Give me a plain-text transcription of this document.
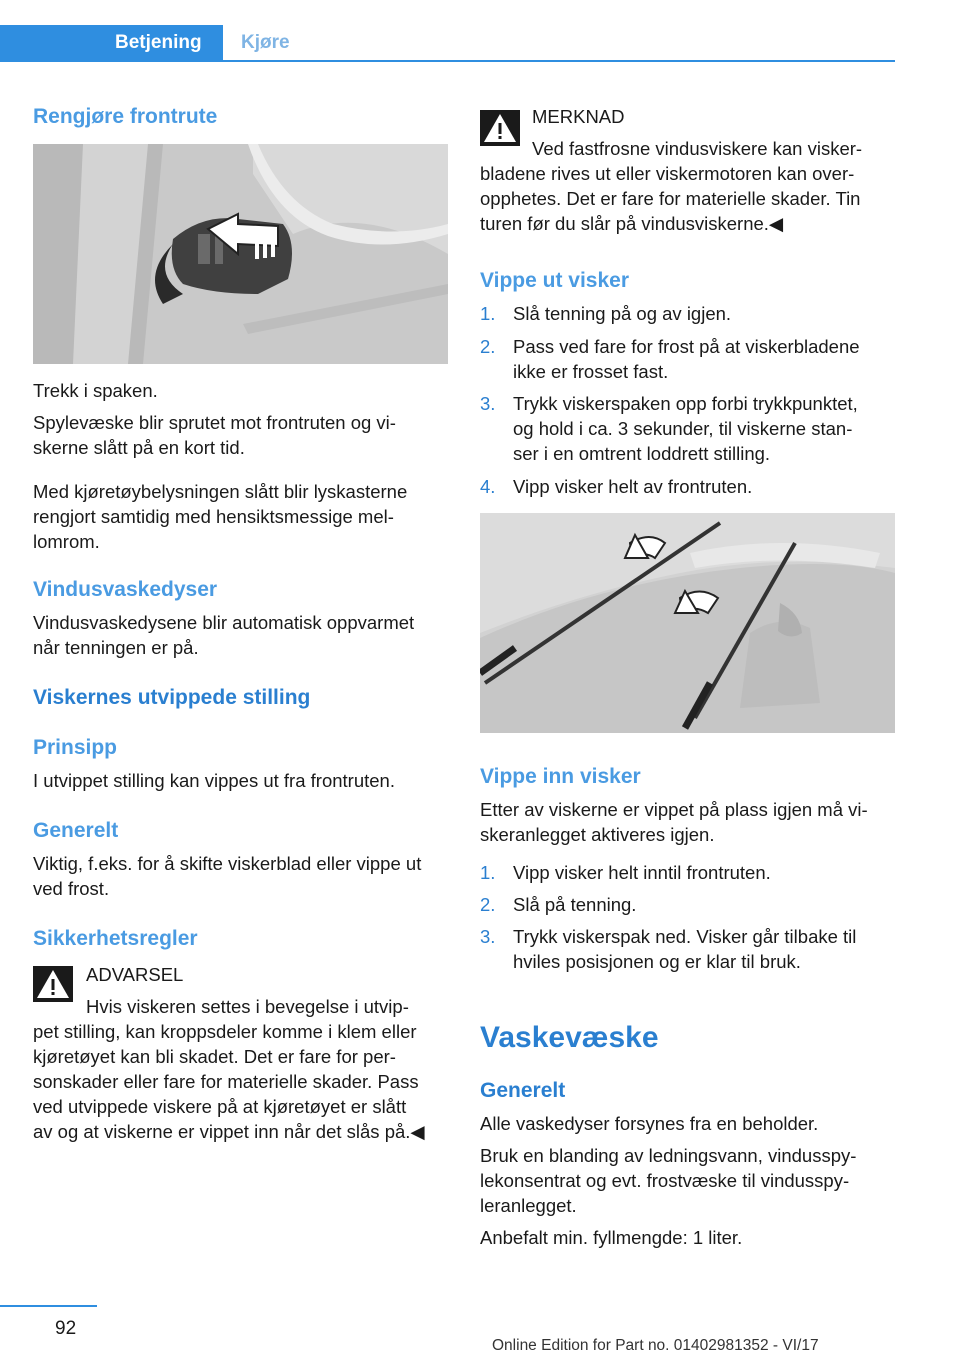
Betjening	Kjøre
Rengjøre frontrute
Trekk i spaken.
Spylevæske blir sprutet mot frontruten og vi‐
skerne slått på en kort tid.
Med kjøretøybelysningen slått blir lyskasterne
rengjort samtidig med hensiktsmessige mel‐
lomrom.
Vindusvaskedyser
Vindusvaskedysene blir automatisk oppvarmet
når tenningen er på.
Viskernes utvippede stilling
Prinsipp
I utvippet stilling kan vippes ut fra frontruten.
Generelt
Viktig, f.eks. for å skifte viskerblad eller vippe ut
ved frost.
Sikkerhetsregler
ADVARSEL
Hvis viskeren settes i bevegelse i utvip‐
pet stilling, kan kroppsdeler komme i klem eller
kjøretøyet kan bli skadet. Det er fare for per‐
sonskader eller fare for materielle skader. Pass
ved utvippede viskere på at kjøretøyet er slått
av og at viskerne er vippet inn når det slås på.◀
MERKNAD
Ved fastfrosne vindusviskere kan visker‐
bladene rives ut eller viskermotoren kan over‐
opphetes. Det er fare for materielle skader. Tin
turen før du slår på vindusviskerne.◀
Vippe ut visker
1. Slå tenning på og av igjen.
2. Pass ved fare for frost på at viskerbladene
ikke er frosset fast.
3. Trykk viskerspaken opp forbi trykkpunktet,
og hold i ca. 3 sekunder, til viskerne stan‐
ser i en omtrent loddrett stilling.
4. Vipp visker helt av frontruten.
Vippe inn visker
Etter av viskerne er vippet på plass igjen må vi‐
skeranlegget aktiveres igjen.
1. Vipp visker helt inntil frontruten.
2. Slå på tenning.
3. Trykk viskerspak ned. Visker går tilbake til
hviles posisjonen og er klar til bruk.
Vaskevæske
Generelt
Alle vaskedyser forsynes fra en beholder.
Bruk en blanding av ledningsvann, vindusspy‐
lekonsentrat og evt. frostvæske til vindusspy‐
leranlegget.
Anbefalt min. fyllmengde: 1 liter.
92
Online Edition for Part no. 01402981352 - VI/17
